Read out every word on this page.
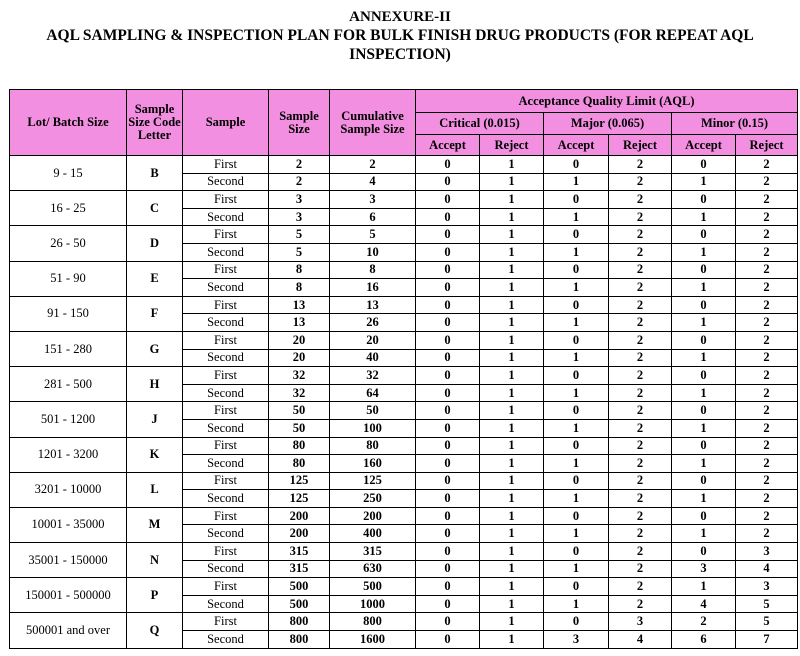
ANNEXURE-II
AQL SAMPLING & INSPECTION PLAN FOR BULK FINISH DRUG PRODUCTS (FOR REPEAT AQL
INSPECTION)
Lot/ Batch Size	Sample Size Code Letter	Sample	Sample Size	Cumulative Sample Size	Acceptance Quality Limit (AQL)					
					Critical (0.015)		Major (0.065)		Minor (0.15)	
					Accept	Reject	Accept	Reject	Accept	Reject
9 - 15	B	First	2	2	0	1	0	2	0	2
		Second	2	4	0	1	1	2	1	2
16 - 25	C	First	3	3	0	1	0	2	0	2
		Second	3	6	0	1	1	2	1	2
26 - 50	D	First	5	5	0	1	0	2	0	2
		Second	5	10	0	1	1	2	1	2
51 - 90	E	First	8	8	0	1	0	2	0	2
		Second	8	16	0	1	1	2	1	2
91 - 150	F	First	13	13	0	1	0	2	0	2
		Second	13	26	0	1	1	2	1	2
151 - 280	G	First	20	20	0	1	0	2	0	2
		Second	20	40	0	1	1	2	1	2
281 - 500	H	First	32	32	0	1	0	2	0	2
		Second	32	64	0	1	1	2	1	2
501 - 1200	J	First	50	50	0	1	0	2	0	2
		Second	50	100	0	1	1	2	1	2
1201 - 3200	K	First	80	80	0	1	0	2	0	2
		Second	80	160	0	1	1	2	1	2
3201 - 10000	L	First	125	125	0	1	0	2	0	2
		Second	125	250	0	1	1	2	1	2
10001 - 35000	M	First	200	200	0	1	0	2	0	2
		Second	200	400	0	1	1	2	1	2
35001 - 150000	N	First	315	315	0	1	0	2	0	3
		Second	315	630	0	1	1	2	3	4
150001 - 500000	P	First	500	500	0	1	0	2	1	3
		Second	500	1000	0	1	1	2	4	5
500001 and over	Q	First	800	800	0	1	0	3	2	5
		Second	800	1600	0	1	3	4	6	7
